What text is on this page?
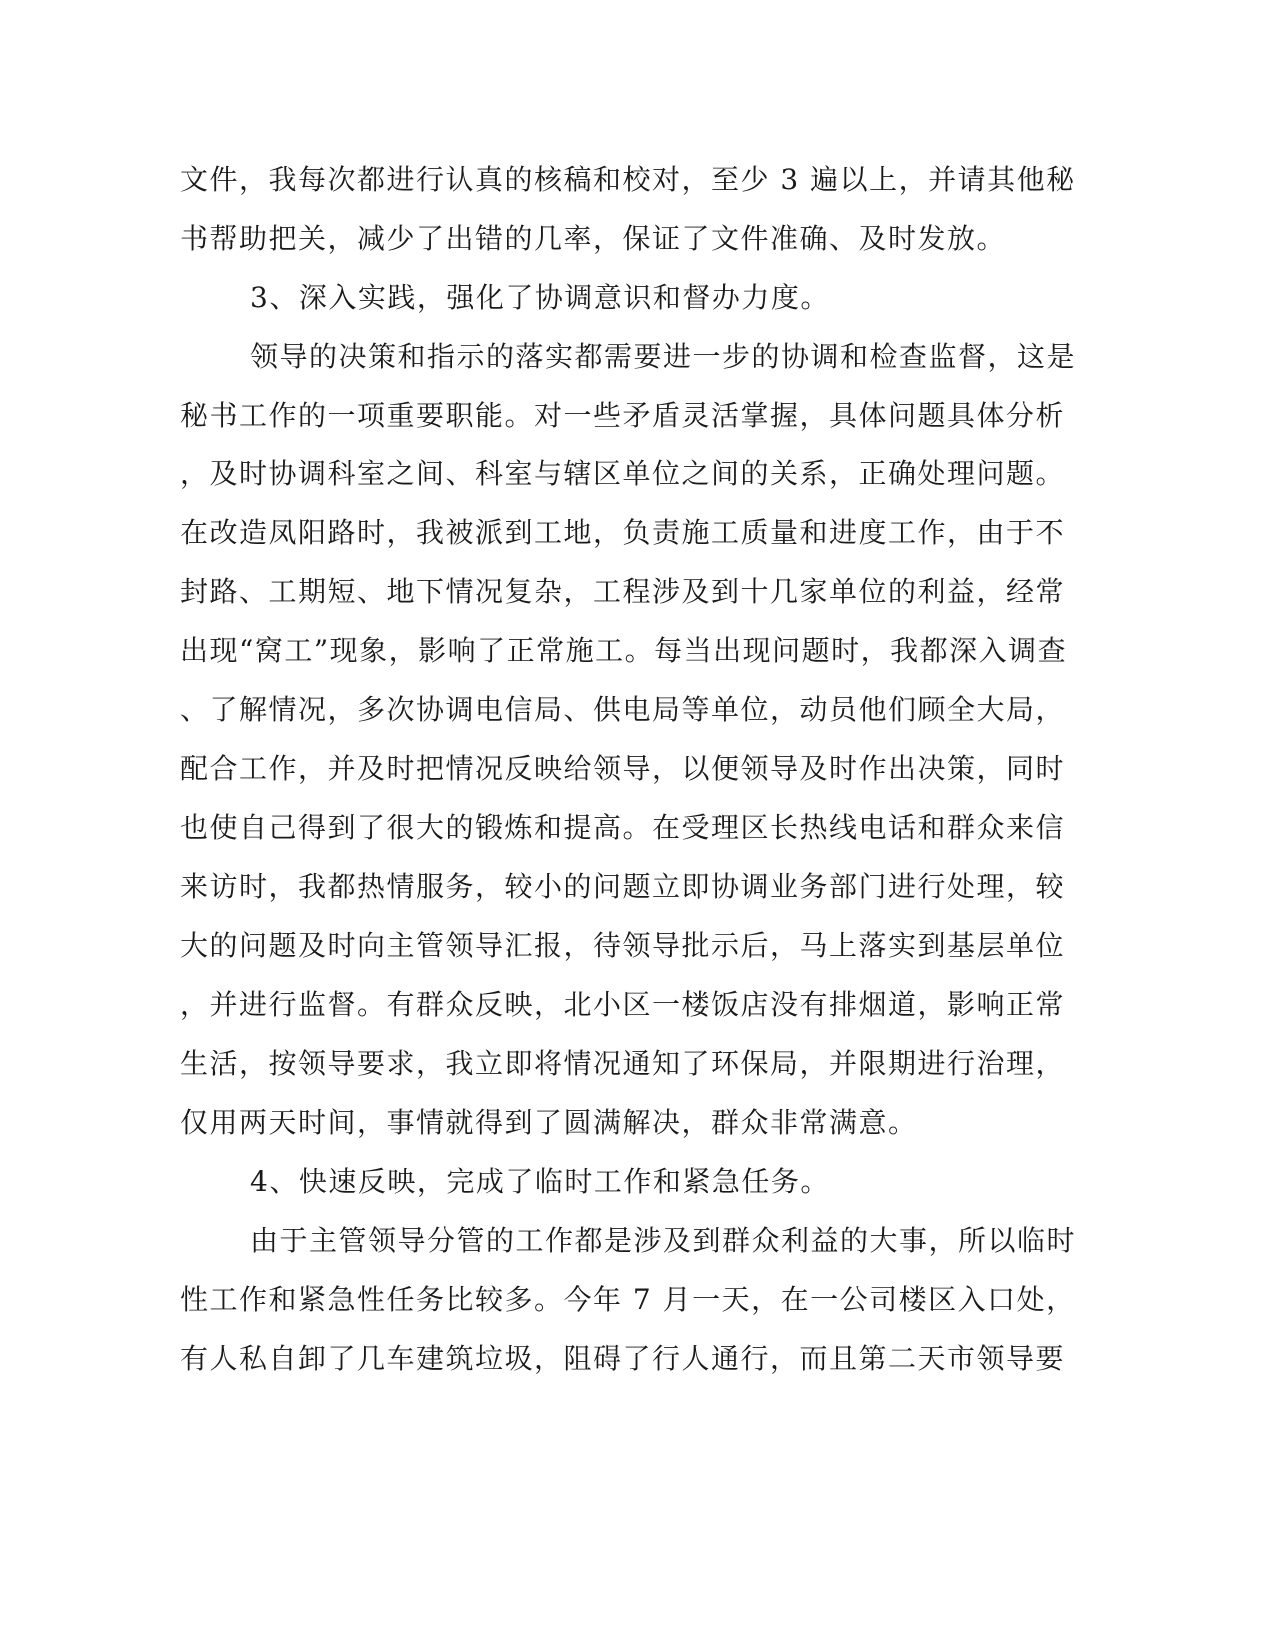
文件，我每次都进行认真的核稿和校对，至少 3 遍以上，并请其他秘
书帮助把关，减少了出错的几率，保证了文件准确、及时发放。
3、深入实践，强化了协调意识和督办力度。
领导的决策和指示的落实都需要进一步的协调和检查监督，这是
秘书工作的一项重要职能。对一些矛盾灵活掌握，具体问题具体分析
，及时协调科室之间、科室与辖区单位之间的关系，正确处理问题。
在改造凤阳路时，我被派到工地，负责施工质量和进度工作，由于不
封路、工期短、地下情况复杂，工程涉及到十几家单位的利益，经常
出现“窝工”现象，影响了正常施工。每当出现问题时，我都深入调查
、了解情况，多次协调电信局、供电局等单位，动员他们顾全大局，
配合工作，并及时把情况反映给领导，以便领导及时作出决策，同时
也使自己得到了很大的锻炼和提高。在受理区长热线电话和群众来信
来访时，我都热情服务，较小的问题立即协调业务部门进行处理，较
大的问题及时向主管领导汇报，待领导批示后，马上落实到基层单位
，并进行监督。有群众反映，北小区一楼饭店没有排烟道，影响正常
生活，按领导要求，我立即将情况通知了环保局，并限期进行治理，
仅用两天时间，事情就得到了圆满解决，群众非常满意。
4、快速反映，完成了临时工作和紧急任务。
由于主管领导分管的工作都是涉及到群众利益的大事，所以临时
性工作和紧急性任务比较多。今年 7 月一天，在一公司楼区入口处，
有人私自卸了几车建筑垃圾，阻碍了行人通行，而且第二天市领导要
